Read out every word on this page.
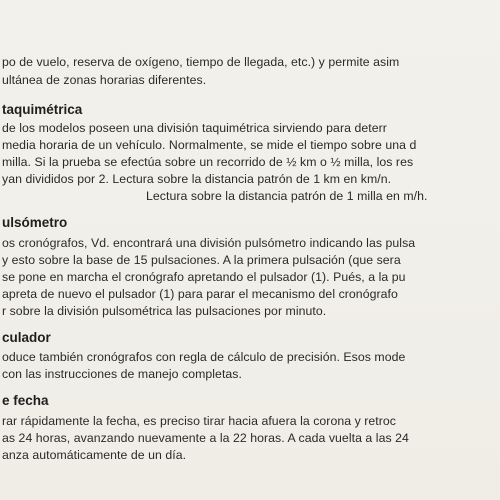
po de vuelo, reserva de oxígeno, tiempo de llegada, etc.) y permite asim
ultánea de zonas horarias diferentes.
taquimétrica
de los modelos poseen una división taquimétrica sirviendo para deterr
media horaria de un vehículo. Normalmente, se mide el tiempo sobre una d
milla. Si la prueba se efectúa sobre un recorrido de ½ km o ½ milla, los res
yan divididos por 2. Lectura sobre la distancia patrón de 1 km en km/n.
Lectura sobre la distancia patrón de 1 milla en m/h.
ulsómetro
os cronógrafos, Vd. encontrará una división pulsómetro indicando las pulsa
y esto sobre la base de 15 pulsaciones. A la primera pulsación (que sera
se pone en marcha el cronógrafo apretando el pulsador (1). Pués, a la pu
apreta de nuevo el pulsador (1) para parar el mecanismo del cronógrafo
r sobre la división pulsométrica las pulsaciones por minuto.
culador
oduce también cronógrafos con regla de cálculo de precisión. Esos mode
con las instrucciones de manejo completas.
e fecha
rar rápidamente la fecha, es preciso tirar hacia afuera la corona y retroc
as 24 horas, avanzando nuevamente a la 22 horas. A cada vuelta a las 24
anza automáticamente de un día.
